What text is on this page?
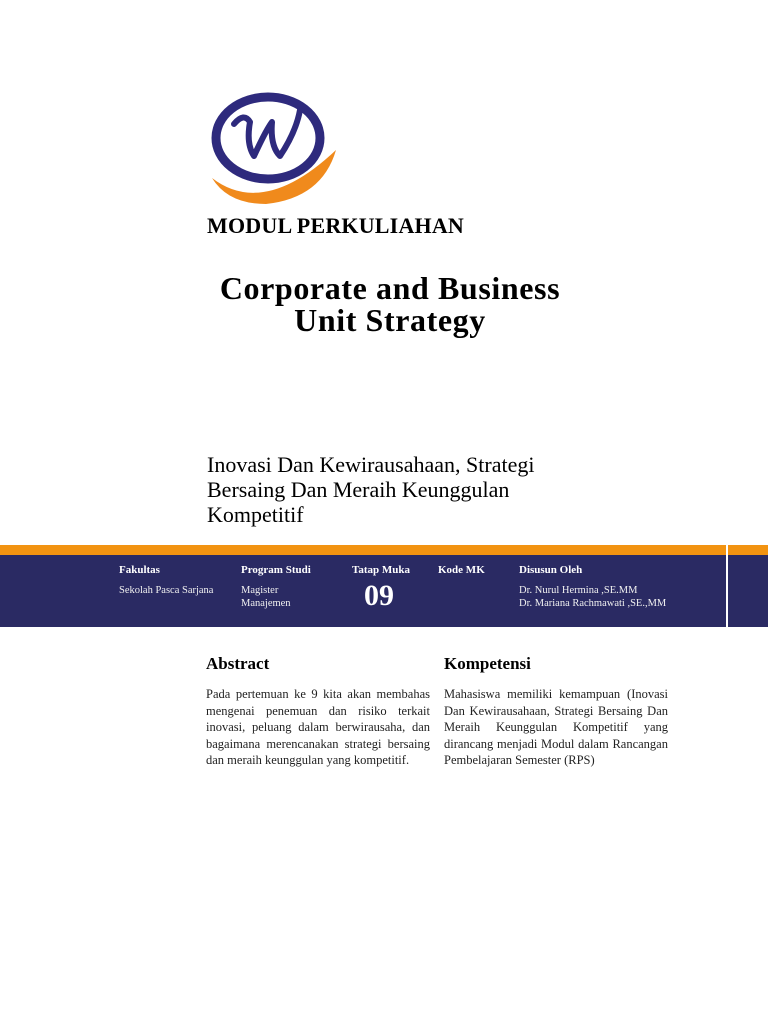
MODUL PERKULIAHAN
Corporate and Business
Unit Strategy
Inovasi Dan Kewirausahaan, Strategi
Bersaing Dan Meraih Keunggulan
Kompetitif
Fakultas
Sekolah Pasca Sarjana
Program Studi
Magister
Manajemen
Tatap Muka
09
Kode MK	Disusun Oleh
Dr. Nurul Hermina ,SE.MM
Dr. Mariana Rachmawati ,SE.,MM
Abstract
Pada pertemuan ke 9 kita akan membahas mengenai penemuan dan risiko terkait inovasi, peluang dalam berwirausaha, dan bagaimana merencanakan strategi bersaing dan meraih keunggulan yang kompetitif.
Kompetensi
Mahasiswa memiliki kemampuan (Inovasi Dan Kewirausahaan, Strategi Bersaing Dan Meraih Keunggulan Kompetitif yang dirancang menjadi Modul dalam Rancangan Pembelajaran Semester (RPS)
